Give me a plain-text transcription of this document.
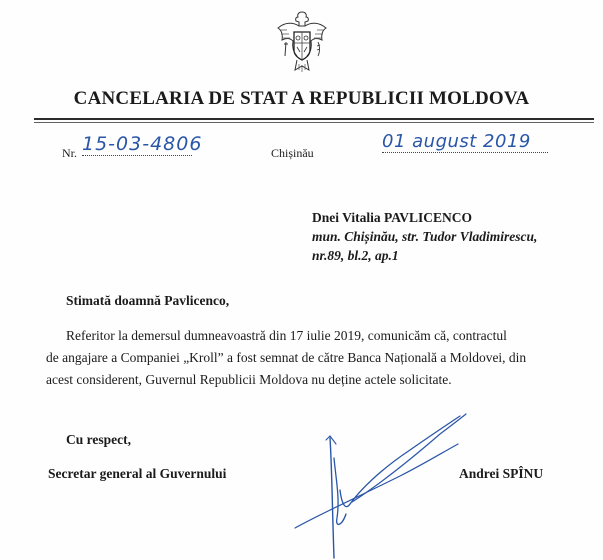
CANCELARIA DE STAT A REPUBLICII MOLDOVA
Nr. 15-03-4806	Chișinău
01 august 2019
Dnei Vitalia PAVLICENCO
mun. Chișinău, str. Tudor Vladimirescu,
nr.89, bl.2, ap.1
Stimată doamnă Pavlicenco,
Referitor la demersul dumneavoastră din 17 iulie 2019, comunicăm că, contractul
de angajare a Companiei „Kroll” a fost semnat de către Banca Națională a Moldovei, din
acest considerent, Guvernul Republicii Moldova nu deține actele solicitate.
Cu respect,
Secretar general al Guvernului	Andrei SPÎNU
